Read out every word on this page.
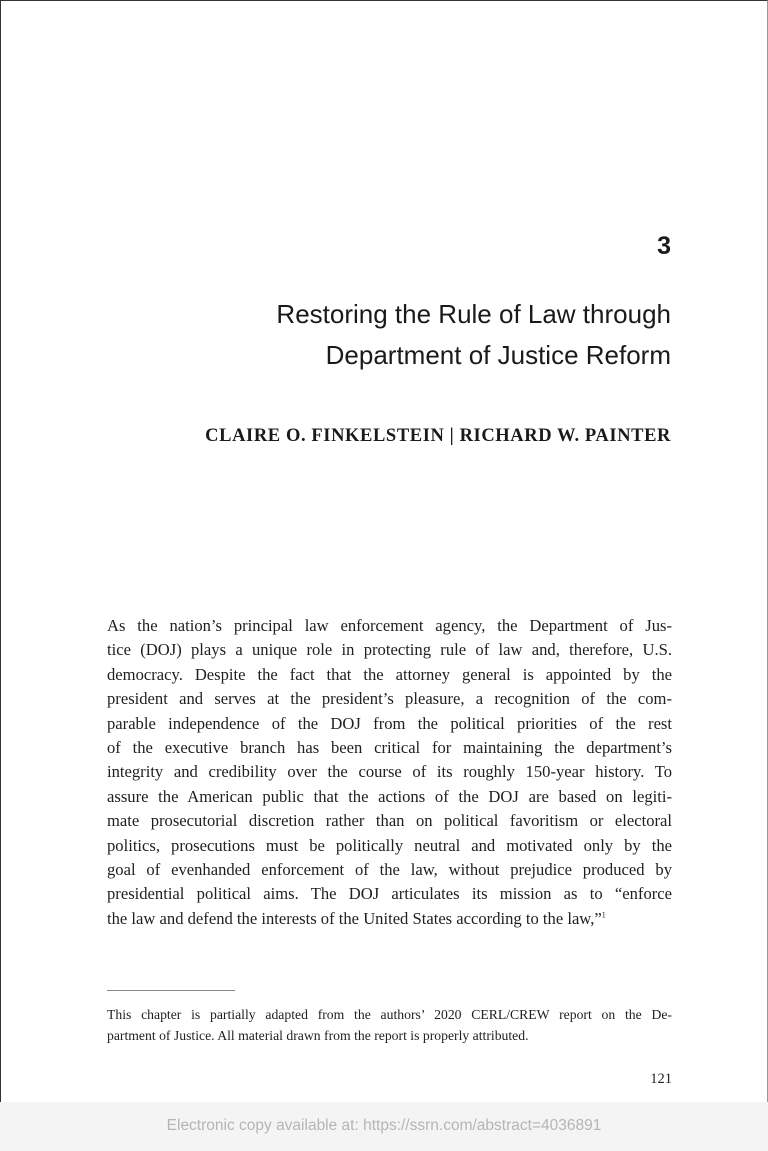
3
Restoring the Rule of Law through
Department of Justice Reform
CLAIRE O. FINKELSTEIN | RICHARD W. PAINTER
As the nation’s principal law enforcement agency, the Department of Jus-
tice (DOJ) plays a unique role in protecting rule of law and, therefore, U.S.
democracy. Despite the fact that the attorney general is appointed by the
president and serves at the president’s pleasure, a recognition of the com-
parable independence of the DOJ from the political priorities of the rest
of the executive branch has been critical for maintaining the department’s
integrity and credibility over the course of its roughly 150-year history. To
assure the American public that the actions of the DOJ are based on legiti-
mate prosecutorial discretion rather than on political favoritism or electoral
politics, prosecutions must be politically neutral and motivated only by the
goal of evenhanded enforcement of the law, without prejudice produced by
presidential political aims. The DOJ articulates its mission as to “enforce
the law and defend the interests of the United States according to the law,”$^1$
This chapter is partially adapted from the authors’ 2020 CERL/CREW report on the De-
partment of Justice. All material drawn from the report is properly attributed.
121
Electronic copy available at: https://ssrn.com/abstract=4036891
